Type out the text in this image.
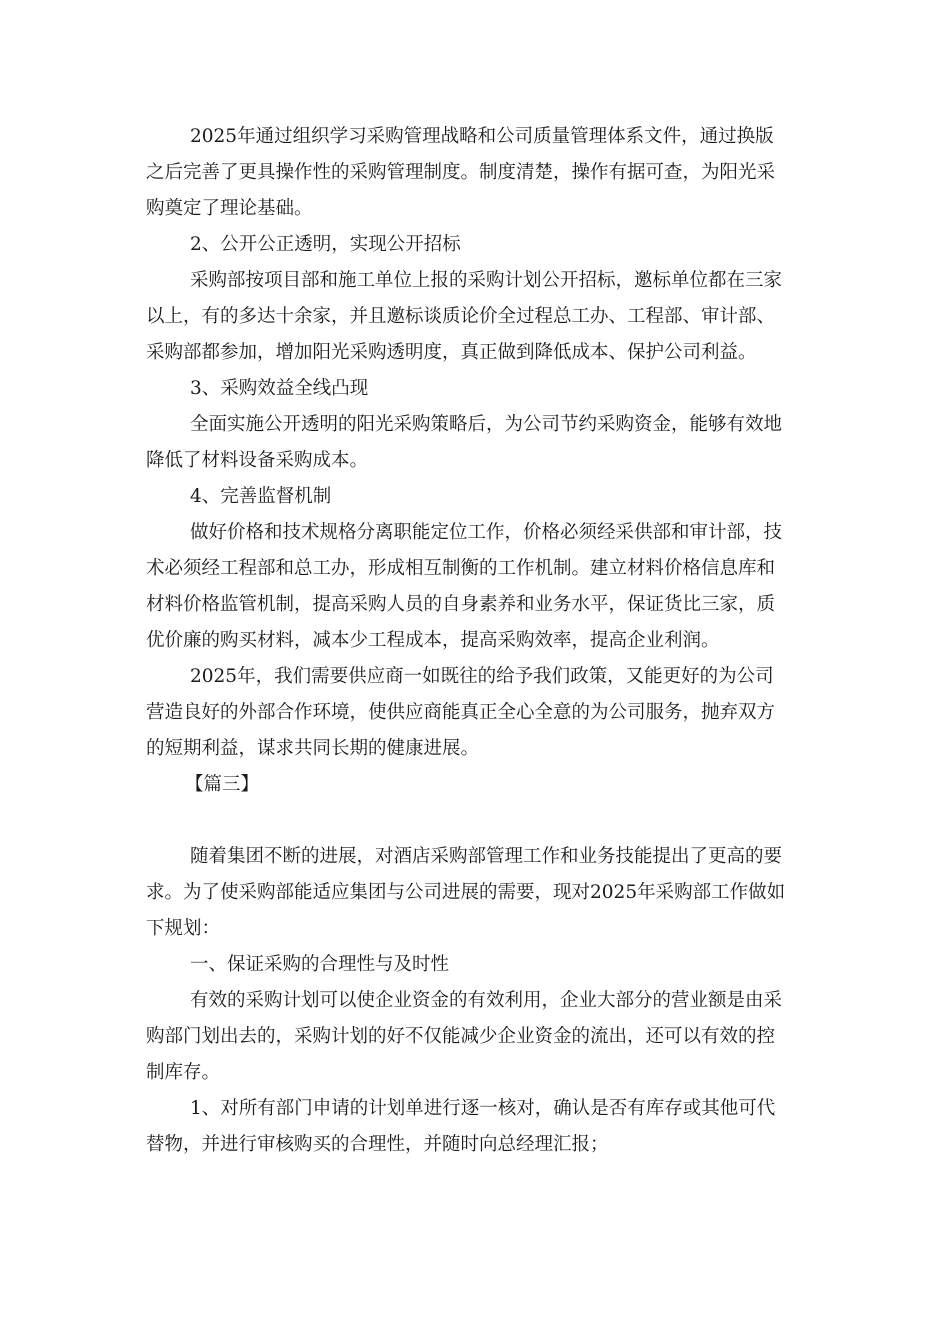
2025年通过组织学习采购管理战略和公司质量管理体系文件，通过换版
之后完善了更具操作性的采购管理制度。制度清楚，操作有据可查，为阳光采
购奠定了理论基础。
2、公开公正透明，实现公开招标
采购部按项目部和施工单位上报的采购计划公开招标，邀标单位都在三家
以上，有的多达十余家，并且邀标谈质论价全过程总工办、工程部、审计部、
采购部都参加，增加阳光采购透明度，真正做到降低成本、保护公司利益。
3、采购效益全线凸现
全面实施公开透明的阳光采购策略后，为公司节约采购资金，能够有效地
降低了材料设备采购成本。
4、完善监督机制
做好价格和技术规格分离职能定位工作，价格必须经采供部和审计部，技
术必须经工程部和总工办，形成相互制衡的工作机制。建立材料价格信息库和
材料价格监管机制，提高采购人员的自身素养和业务水平，保证货比三家，质
优价廉的购买材料，减本少工程成本，提高采购效率，提高企业利润。
2025年，我们需要供应商一如既往的给予我们政策，又能更好的为公司
营造良好的外部合作环境，使供应商能真正全心全意的为公司服务，抛弃双方
的短期利益，谋求共同长期的健康进展。
【篇三】
随着集团不断的进展，对酒店采购部管理工作和业务技能提出了更高的要
求。为了使采购部能适应集团与公司进展的需要，现对2025年采购部工作做如
下规划：
一、保证采购的合理性与及时性
有效的采购计划可以使企业资金的有效利用，企业大部分的营业额是由采
购部门划出去的，采购计划的好不仅能减少企业资金的流出，还可以有效的控
制库存。
1、对所有部门申请的计划单进行逐一核对，确认是否有库存或其他可代
替物，并进行审核购买的合理性，并随时向总经理汇报；
